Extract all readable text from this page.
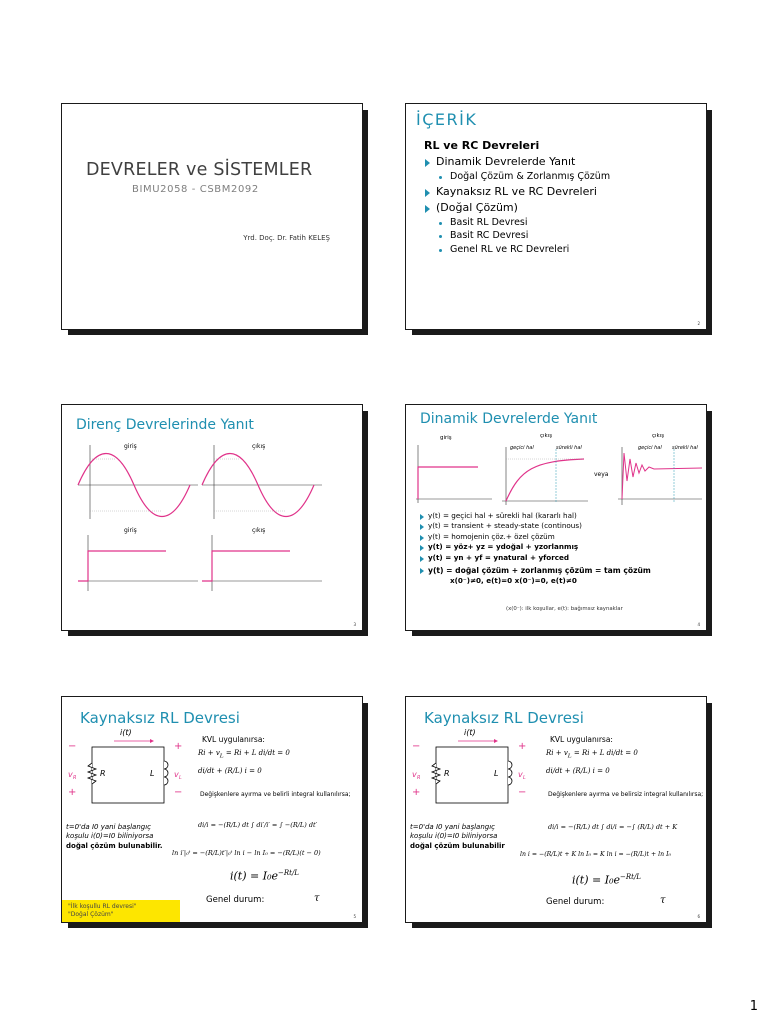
DEVRELER ve SİSTEMLER
BIMU2058 - CSBM2092
Yrd. Doç. Dr. Fatih KELEŞ
İÇERİK
RL ve RC Devreleri
Dinamik Devrelerde Yanıt
Doğal Çözüm & Zorlanmış Çözüm
Kaynaksız RL ve RC Devreleri
(Doğal Çözüm)
Basit RL Devresi
Basit RC Devresi
Genel RL ve RC Devreleri
2
Direnç Devrelerinde Yanıt
giriş	çıkış
giriş	çıkış
3
Dinamik Devrelerde Yanıt
giriş	çıkış	çıkış
geçici hal	sürekli hal	geçici hal sürekli hal
veya
y(t) = geçici hal + sürekli hal (kararlı hal)
y(t) = transient + steady-state (continous)
y(t) = homojenin çöz.+ özel çözüm
y(t) = yöz+ yz = ydoğal + yzorlanmış
y(t) = yn + yf = ynatural + yforced
y(t) = doğal çözüm + zorlanmış çözüm = tam çözüm
x(0⁻)≠0, e(t)=0 x(0⁻)=0, e(t)≠0
(x(0⁻): ilk koşullar, e(t): bağımsız kaynaklar
4
Kaynaksız RL Devresi
i(t)
R	L
−
v R
+
+
v L
−
KVL uygulanırsa:
$Ri + v_L = Ri + L$ di/dt = 0
di/dt + (R/L) i = 0
Değişkenlere ayırma ve belirli integral kullanılırsa;
di/i = −(R/L) dt ∫ di′/i′ = ∫ −(R/L) dt′
ln i′|₀ᵗ = −(R/L)t′|₀ᵗ ln i − ln I₀ = −(R/L)(t − 0)
t=0'da I0 yani başlangıç
koşulu i(0)=I0 biliniyorsa
doğal çözüm bulunabilir.
$i(t) = I_0e^{-Rt/L}$
Genel durum:	τ
"İlk koşullu RL devresi"
"Doğal Çözüm"	5
Kaynaksız RL Devresi
i(t)
R	L
−
v R
+
+
v L
−
KVL uygulanırsa:
$Ri + v_L = Ri + L$ di/dt = 0
di/dt + (R/L) i = 0
Değişkenlere ayırma ve belirsiz integral kullanılırsa;
di/i = −(R/L) dt ∫ di/i = −∫ (R/L) dt + K
ln i = −(R/L)t + K ln I₀ = K ln i = −(R/L)t + ln I₀
t=0'da I0 yani başlangıç
koşulu i(0)=I0 biliniyorsa
doğal çözüm bulunabilir
$i(t) = I_0e^{-Rt/L}$
Genel durum:	τ
6
1
